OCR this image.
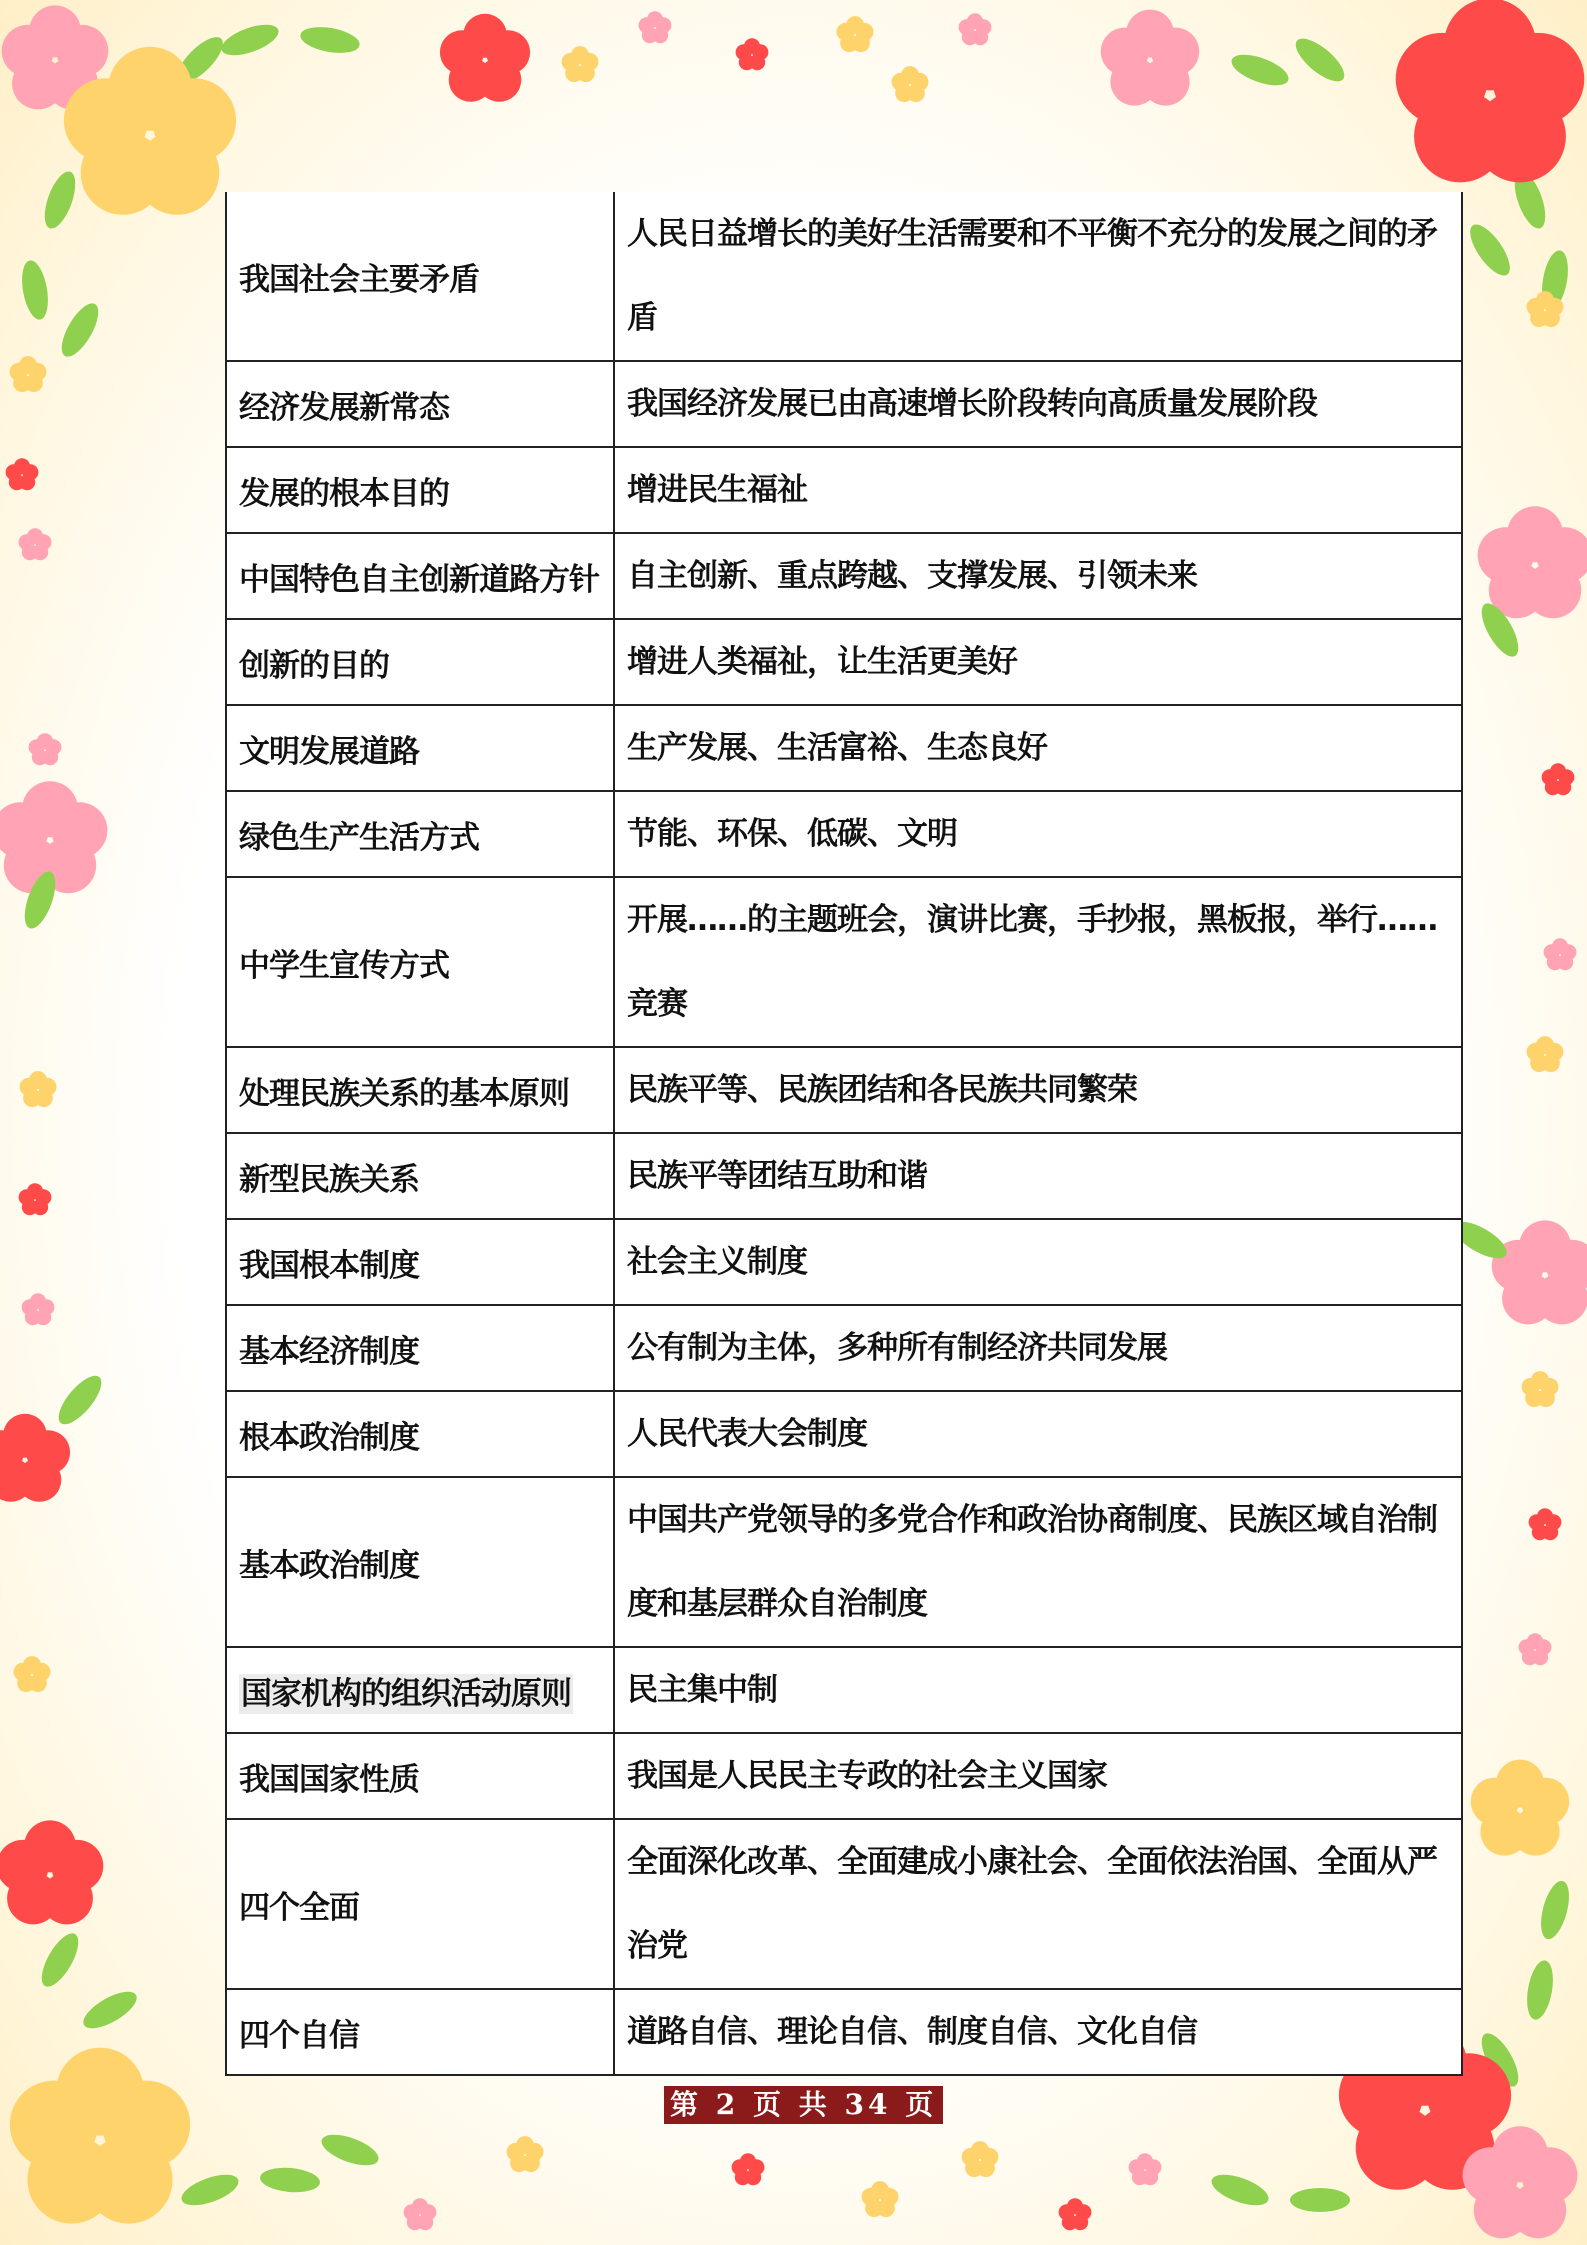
我国社会主要矛盾	人民日益增长的美好生活需要和不平衡不充分的发展之间的矛盾
经济发展新常态	我国经济发展已由高速增长阶段转向高质量发展阶段
发展的根本目的	增进民生福祉
中国特色自主创新道路方针	自主创新、重点跨越、支撑发展、引领未来
创新的目的	增进人类福祉，让生活更美好
文明发展道路	生产发展、生活富裕、生态良好
绿色生产生活方式	节能、环保、低碳、文明
中学生宣传方式	开展……的主题班会，演讲比赛，手抄报，黑板报，举行……竞赛
处理民族关系的基本原则	民族平等、民族团结和各民族共同繁荣
新型民族关系	民族平等团结互助和谐
我国根本制度	社会主义制度
基本经济制度	公有制为主体，多种所有制经济共同发展
根本政治制度	人民代表大会制度
基本政治制度	中国共产党领导的多党合作和政治协商制度、民族区域自治制度和基层群众自治制度
国家机构的组织活动原则	民主集中制
我国国家性质	我国是人民民主专政的社会主义国家
四个全面	全面深化改革、全面建成小康社会、全面依法治国、全面从严治党
四个自信	道路自信、理论自信、制度自信、文化自信
第 2 页 共 34 页
